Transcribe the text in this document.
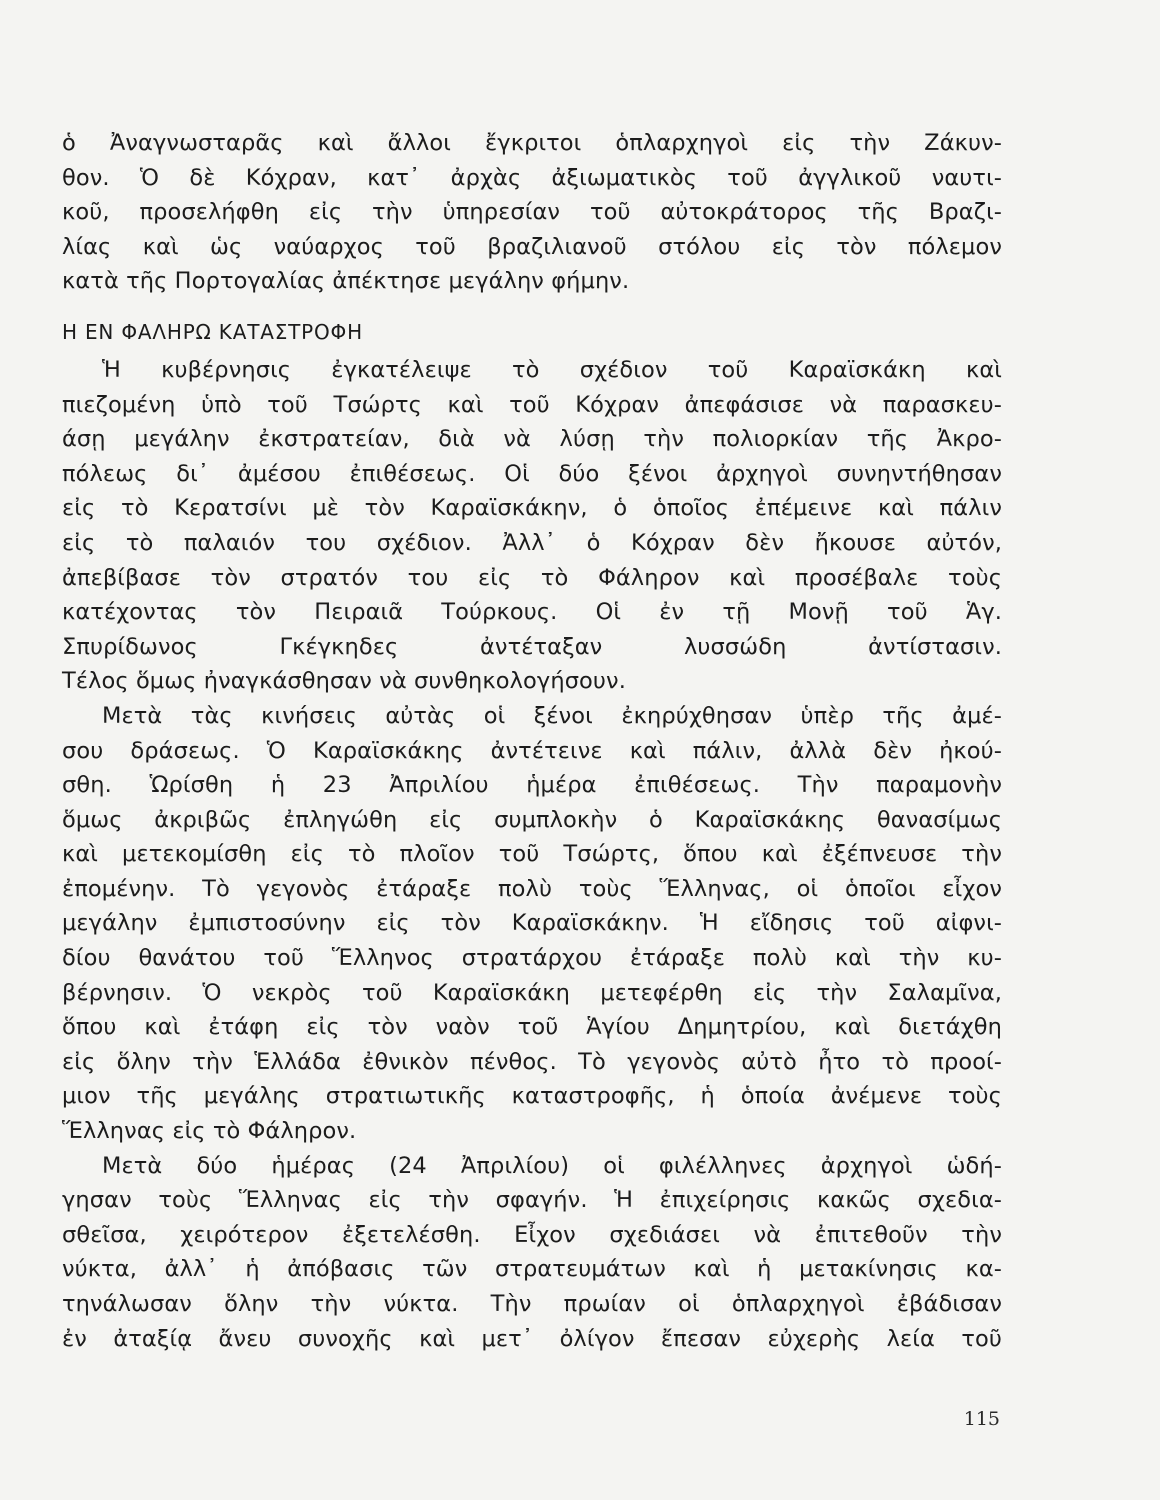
ὁ Ἀναγνωσταρᾶς καὶ ἄλλοι ἔγκριτοι ὁπλαρχηγοὶ εἰς τὴν Ζάκυν-
θον. Ὁ δὲ Κόχραν, κατ᾽ ἀρχὰς ἀξιωματικὸς τοῦ ἀγγλικοῦ ναυτι-
κοῦ, προσελήφθη εἰς τὴν ὑπηρεσίαν τοῦ αὐτοκράτορος τῆς Βραζι-
λίας καὶ ὡς ναύαρχος τοῦ βραζιλιανοῦ στόλου εἰς τὸν πόλεμον
κατὰ τῆς Πορτογαλίας ἀπέκτησε μεγάλην φήμην.
Η ΕΝ ΦΑΛΗΡΩ ΚΑΤΑΣΤΡΟΦΗ
Ἡ κυβέρνησις ἐγκατέλειψε τὸ σχέδιον τοῦ Καραϊσκάκη καὶ
πιεζομένη ὑπὸ τοῦ Τσώρτς καὶ τοῦ Κόχραν ἀπεφάσισε νὰ παρασκευ-
άσῃ μεγάλην ἐκστρατείαν, διὰ νὰ λύσῃ τὴν πολιορκίαν τῆς Ἀκρο-
πόλεως δι᾽ ἀμέσου ἐπιθέσεως. Οἱ δύο ξένοι ἀρχηγοὶ συνηντήθησαν
εἰς τὸ Κερατσίνι μὲ τὸν Καραϊσκάκην, ὁ ὁποῖος ἐπέμεινε καὶ πάλιν
εἰς τὸ παλαιόν του σχέδιον. Ἀλλ᾽ ὁ Κόχραν δὲν ἤκουσε αὐτόν,
ἀπεβίβασε τὸν στρατόν του εἰς τὸ Φάληρον καὶ προσέβαλε τοὺς
κατέχοντας τὸν Πειραιᾶ Τούρκους. Οἱ ἐν τῇ Μονῇ τοῦ Ἁγ.
Σπυρίδωνος Γκέγκηδες ἀντέταξαν λυσσώδη ἀντίστασιν.
Τέλος ὅμως ἠναγκάσθησαν νὰ συνθηκολογήσουν.
Μετὰ τὰς κινήσεις αὐτὰς οἱ ξένοι ἐκηρύχθησαν ὑπὲρ τῆς ἀμέ-
σου δράσεως. Ὁ Καραϊσκάκης ἀντέτεινε καὶ πάλιν, ἀλλὰ δὲν ἠκού-
σθη. Ὡρίσθη ἡ 23 Ἀπριλίου ἡμέρα ἐπιθέσεως. Τὴν παραμονὴν
ὅμως ἀκριβῶς ἐπληγώθη εἰς συμπλοκὴν ὁ Καραϊσκάκης θανασίμως
καὶ μετεκομίσθη εἰς τὸ πλοῖον τοῦ Τσώρτς, ὅπου καὶ ἐξέπνευσε τὴν
ἐπομένην. Τὸ γεγονὸς ἐτάραξε πολὺ τοὺς Ἕλληνας, οἱ ὁποῖοι εἶχον
μεγάλην ἐμπιστοσύνην εἰς τὸν Καραϊσκάκην. Ἡ εἴδησις τοῦ αἰφνι-
δίου θανάτου τοῦ Ἕλληνος στρατάρχου ἐτάραξε πολὺ καὶ τὴν κυ-
βέρνησιν. Ὁ νεκρὸς τοῦ Καραϊσκάκη μετεφέρθη εἰς τὴν Σαλαμῖνα,
ὅπου καὶ ἐτάφη εἰς τὸν ναὸν τοῦ Ἁγίου Δημητρίου, καὶ διετάχθη
εἰς ὅλην τὴν Ἑλλάδα ἐθνικὸν πένθος. Τὸ γεγονὸς αὐτὸ ἦτο τὸ προοί-
μιον τῆς μεγάλης στρατιωτικῆς καταστροφῆς, ἡ ὁποία ἀνέμενε τοὺς
Ἕλληνας εἰς τὸ Φάληρον.
Μετὰ δύο ἡμέρας (24 Ἀπριλίου) οἱ φιλέλληνες ἀρχηγοὶ ὡδή-
γησαν τοὺς Ἕλληνας εἰς τὴν σφαγήν. Ἡ ἐπιχείρησις κακῶς σχεδια-
σθεῖσα, χειρότερον ἐξετελέσθη. Εἶχον σχεδιάσει νὰ ἐπιτεθοῦν τὴν
νύκτα, ἀλλ᾽ ἡ ἀπόβασις τῶν στρατευμάτων καὶ ἡ μετακίνησις κα-
τηνάλωσαν ὅλην τὴν νύκτα. Τὴν πρωίαν οἱ ὁπλαρχηγοὶ ἐβάδισαν
ἐν ἀταξίᾳ ἄνευ συνοχῆς καὶ μετ᾽ ὀλίγον ἔπεσαν εὐχερὴς λεία τοῦ
115
